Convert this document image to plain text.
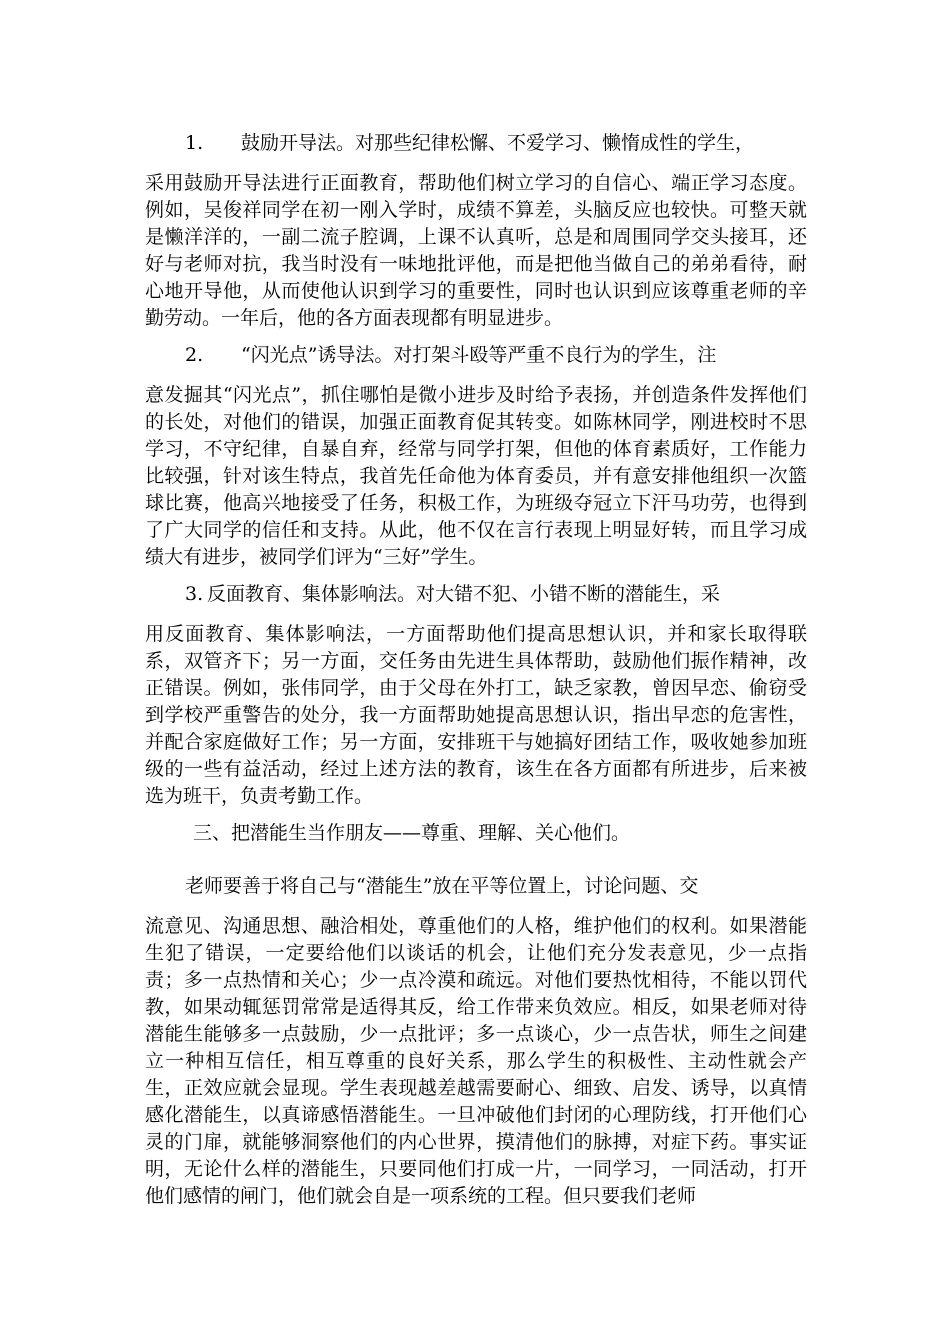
1. 鼓励开导法。对那些纪律松懈、不爱学习、懒惰成性的学生，
采用鼓励开导法进行正面教育，帮助他们树立学习的自信心、端正学习态度。例如，吴俊祥同学在初一刚入学时，成绩不算差，头脑反应也较快。可整天就是懒洋洋的，一副二流子腔调，上课不认真听，总是和周围同学交头接耳，还好与老师对抗，我当时没有一味地批评他，而是把他当做自己的弟弟看待，耐心地开导他，从而使他认识到学习的重要性，同时也认识到应该尊重老师的辛勤劳动。一年后，他的各方面表现都有明显进步。
2. “闪光点”诱导法。对打架斗殴等严重不良行为的学生，注
意发掘其“闪光点”，抓住哪怕是微小进步及时给予表扬，并创造条件发挥他们的长处，对他们的错误，加强正面教育促其转变。如陈林同学，刚进校时不思学习，不守纪律，自暴自弃，经常与同学打架，但他的体育素质好，工作能力比较强，针对该生特点，我首先任命他为体育委员，并有意安排他组织一次篮球比赛，他高兴地接受了任务，积极工作，为班级夺冠立下汗马功劳，也得到了广大同学的信任和支持。从此，他不仅在言行表现上明显好转，而且学习成绩大有进步，被同学们评为“三好”学生。
3. 反面教育、集体影响法。对大错不犯、小错不断的潜能生，采
用反面教育、集体影响法，一方面帮助他们提高思想认识，并和家长取得联系，双管齐下；另一方面，交任务由先进生具体帮助，鼓励他们振作精神，改正错误。例如，张伟同学，由于父母在外打工，缺乏家教，曾因早恋、偷窃受到学校严重警告的处分，我一方面帮助她提高思想认识，指出早恋的危害性，并配合家庭做好工作；另一方面，安排班干与她搞好团结工作，吸收她参加班级的一些有益活动，经过上述方法的教育，该生在各方面都有所进步，后来被选为班干，负责考勤工作。
三、把潜能生当作朋友——尊重、理解、关心他们。
老师要善于将自己与“潜能生”放在平等位置上，讨论问题、交
流意见、沟通思想、融洽相处，尊重他们的人格，维护他们的权利。如果潜能生犯了错误，一定要给他们以谈话的机会，让他们充分发表意见，少一点指责；多一点热情和关心；少一点冷漠和疏远。对他们要热忱相待，不能以罚代教，如果动辄惩罚常常是适得其反，给工作带来负效应。相反，如果老师对待潜能生能够多一点鼓励，少一点批评；多一点谈心，少一点告状，师生之间建立一种相互信任，相互尊重的良好关系，那么学生的积极性、主动性就会产生，正效应就会显现。学生表现越差越需要耐心、细致、启发、诱导，以真情感化潜能生，以真谛感悟潜能生。一旦冲破他们封闭的心理防线，打开他们心灵的门扉，就能够洞察他们的内心世界，摸清他们的脉搏，对症下药。事实证明，无论什么样的潜能生，只要同他们打成一片，一同学习，一同活动，打开他们感情的闸门，他们就会自是一项系统的工程。但只要我们老师
